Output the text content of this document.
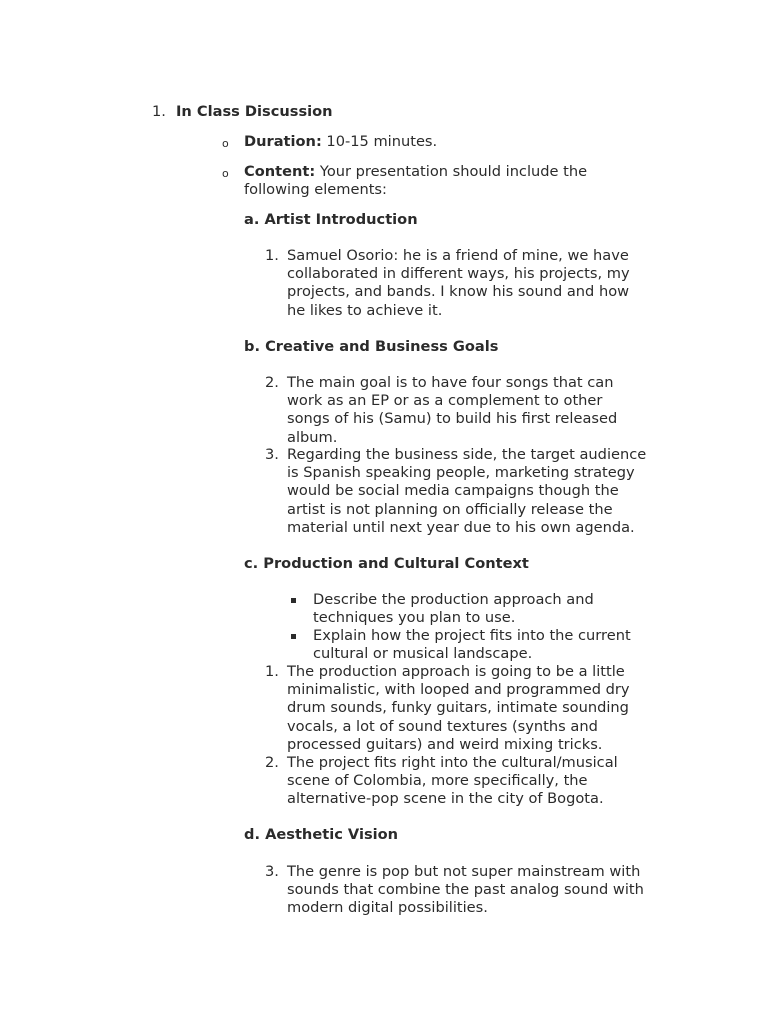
1. In Class Discussion
o Duration: 10-15 minutes.
o Content: Your presentation should include the
following elements:
a. Artist Introduction
1. Samuel Osorio: he is a friend of mine, we have
collaborated in different ways, his projects, my
projects, and bands. I know his sound and how
he likes to achieve it.
b. Creative and Business Goals
2. The main goal is to have four songs that can
work as an EP or as a complement to other
songs of his (Samu) to build his first released
album.
3. Regarding the business side, the target audience
is Spanish speaking people, marketing strategy
would be social media campaigns though the
artist is not planning on officially release the
material until next year due to his own agenda.
c. Production and Cultural Context
Describe the production approach and
techniques you plan to use.
Explain how the project fits into the current
cultural or musical landscape.
1. The production approach is going to be a little
minimalistic, with looped and programmed dry
drum sounds, funky guitars, intimate sounding
vocals, a lot of sound textures (synths and
processed guitars) and weird mixing tricks.
2. The project fits right into the cultural/musical
scene of Colombia, more specifically, the
alternative-pop scene in the city of Bogota.
d. Aesthetic Vision
3. The genre is pop but not super mainstream with
sounds that combine the past analog sound with
modern digital possibilities.
